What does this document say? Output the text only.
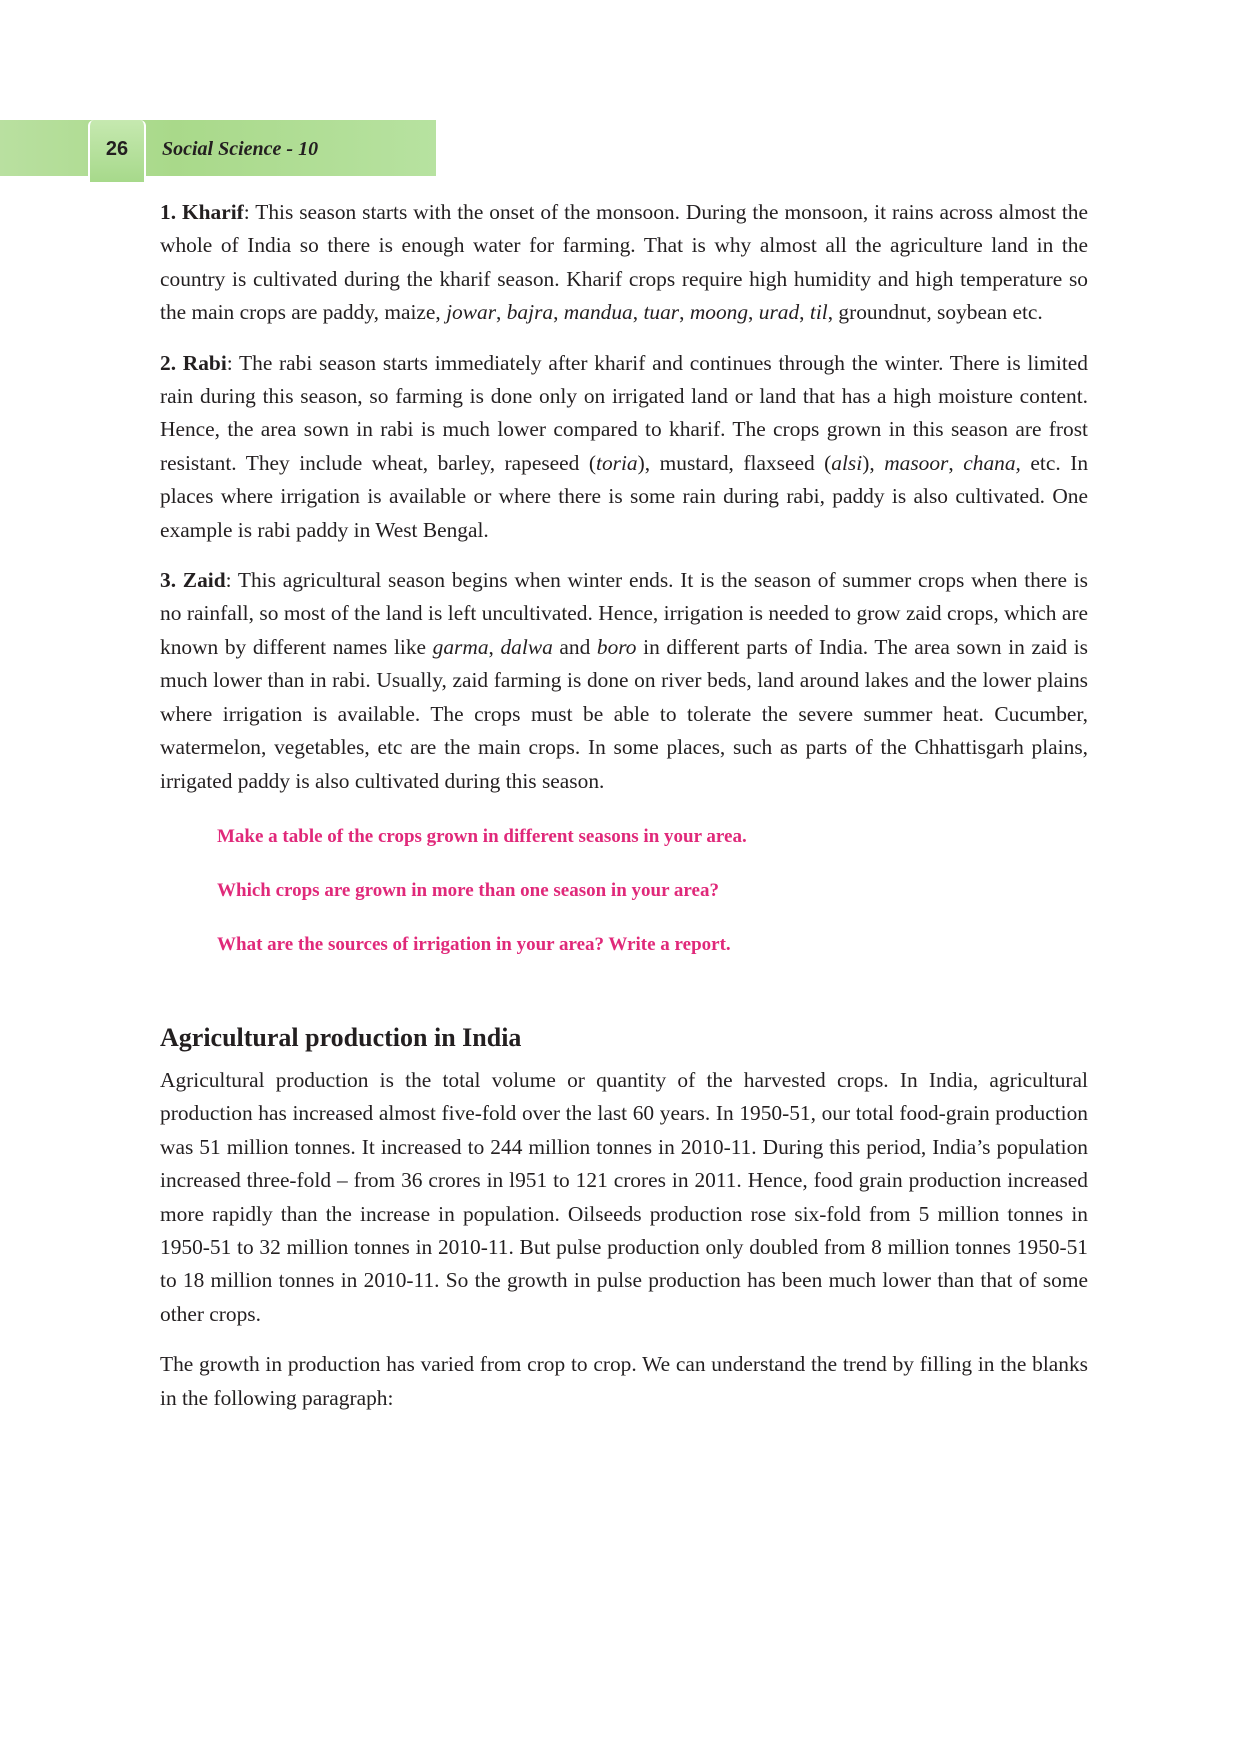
26	Social Science - 10

1. Kharif: This season starts with the onset of the monsoon. During the monsoon, it rains across almost the whole of India so there is enough water for farming. That is why almost all the agriculture land in the country is cultivated during the kharif season. Kharif crops require high humidity and high temperature so the main crops are paddy, maize, jowar, bajra, mandua, tuar, moong, urad, til, groundnut, soybean etc.

2. Rabi: The rabi season starts immediately after kharif and continues through the winter. There is limited rain during this season, so farming is done only on irrigated land or land that has a high moisture content. Hence, the area sown in rabi is much lower compared to kharif. The crops grown in this season are frost resistant. They include wheat, barley, rapeseed (toria), mustard, flaxseed (alsi), masoor, chana, etc. In places where irrigation is available or where there is some rain during rabi, paddy is also cultivated. One example is rabi paddy in West Bengal.

3. Zaid: This agricultural season begins when winter ends. It is the season of summer crops when there is no rainfall, so most of the land is left uncultivated. Hence, irrigation is needed to grow zaid crops, which are known by different names like garma, dalwa and boro in different parts of India. The area sown in zaid is much lower than in rabi. Usually, zaid farming is done on river beds, land around lakes and the lower plains where irrigation is available. The crops must be able to tolerate the severe summer heat. Cucumber, watermelon, vegetables, etc are the main crops. In some places, such as parts of the Chhattisgarh plains, irrigated paddy is also cultivated during this season.

Make a table of the crops grown in different seasons in your area.
Which crops are grown in more than one season in your area?
What are the sources of irrigation in your area? Write a report.
Agricultural production in India

Agricultural production is the total volume or quantity of the harvested crops. In India, agricultural production has increased almost five-fold over the last 60 years. In 1950-51, our total food-grain production was 51 million tonnes. It increased to 244 million tonnes in 2010-11. During this period, India’s population increased three-fold – from 36 crores in l951 to 121 crores in 2011. Hence, food grain production increased more rapidly than the increase in population. Oilseeds production rose six-fold from 5 million tonnes in 1950-51 to 32 million tonnes in 2010-11. But pulse production only doubled from 8 million tonnes 1950-51 to 18 million tonnes in 2010-11. So the growth in pulse production has been much lower than that of some other crops.

The growth in production has varied from crop to crop. We can understand the trend by filling in the blanks in the following paragraph:
